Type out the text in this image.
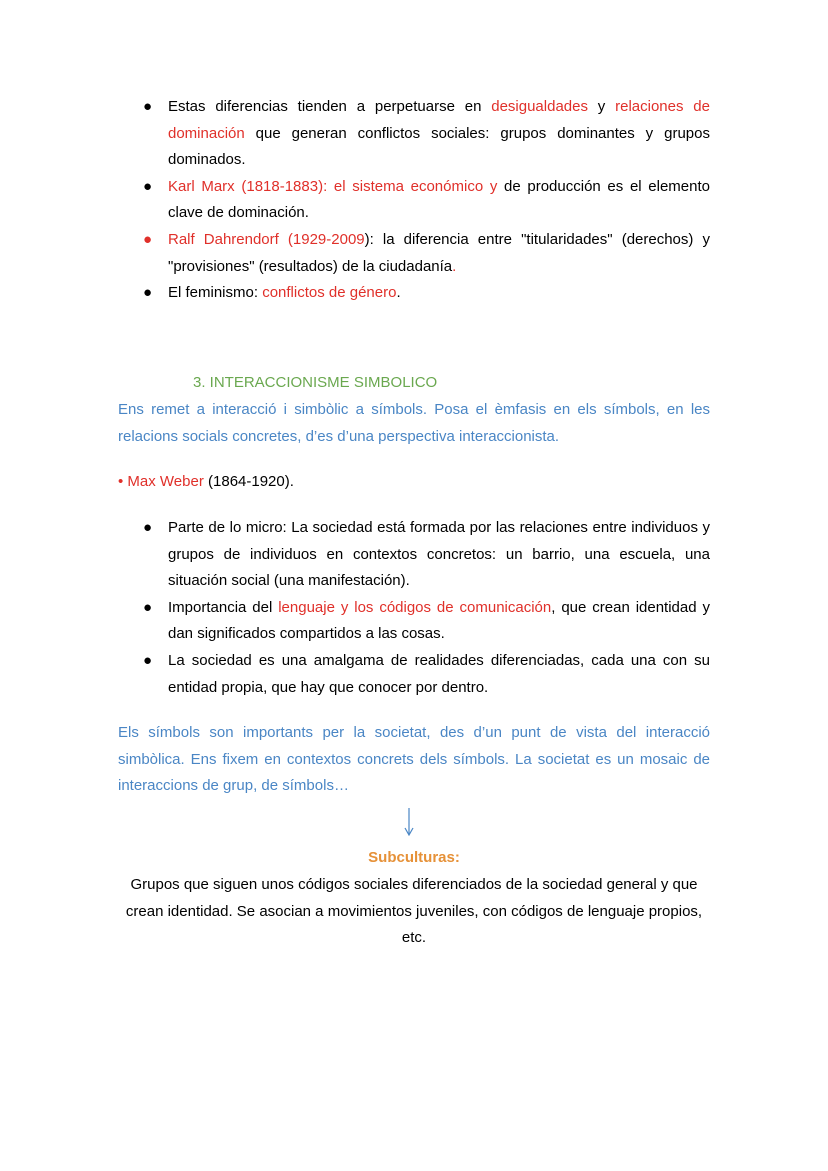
● Estas diferencias tienden a perpetuarse en desigualdades y relaciones de dominación que generan conflictos sociales: grupos dominantes y grupos dominados.
● Karl Marx (1818-1883): el sistema económico y de producción es el elemento clave de dominación.
● Ralf Dahrendorf (1929-2009): la diferencia entre "titularidades" (derechos) y "provisiones" (resultados) de la ciudadanía.
● El feminismo: conflictos de género.
3. INTERACCIONISME SIMBOLICO
Ens remet a interacció i simbòlic a símbols. Posa el èmfasis en els símbols, en les relacions socials concretes, d’es d’una perspectiva interaccionista.
• Max Weber (1864-1920).
● Parte de lo micro: La sociedad está formada por las relaciones entre individuos y grupos de individuos en contextos concretos: un barrio, una escuela, una situación social (una manifestación).
● Importancia del lenguaje y los códigos de comunicación, que crean identidad y dan significados compartidos a las cosas.
● La sociedad es una amalgama de realidades diferenciadas, cada una con su entidad propia, que hay que conocer por dentro.
Els símbols son importants per la societat, des d’un punt de vista del interacció simbòlica. Ens fixem en contextos concrets dels símbols. La societat es un mosaic de interaccions de grup, de símbols…
Subculturas:
Grupos que siguen unos códigos sociales diferenciados de la sociedad general y que crean identidad. Se asocian a movimientos juveniles, con códigos de lenguaje propios, etc.
